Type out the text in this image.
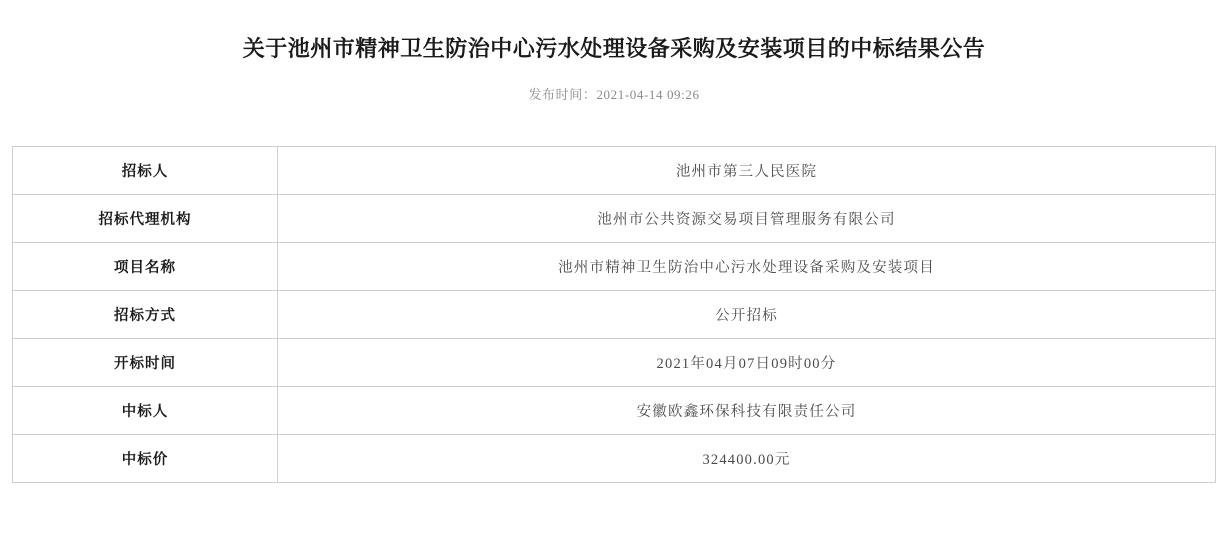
关于池州市精神卫生防治中心污水处理设备采购及安装项目的中标结果公告
发布时间：2021-04-14 09:26
招标人	池州市第三人民医院
招标代理机构	池州市公共资源交易项目管理服务有限公司
项目名称	池州市精神卫生防治中心污水处理设备采购及安装项目
招标方式	公开招标
开标时间	2021年04月07日09时00分
中标人	安徽欧鑫环保科技有限责任公司
中标价	324400.00元
